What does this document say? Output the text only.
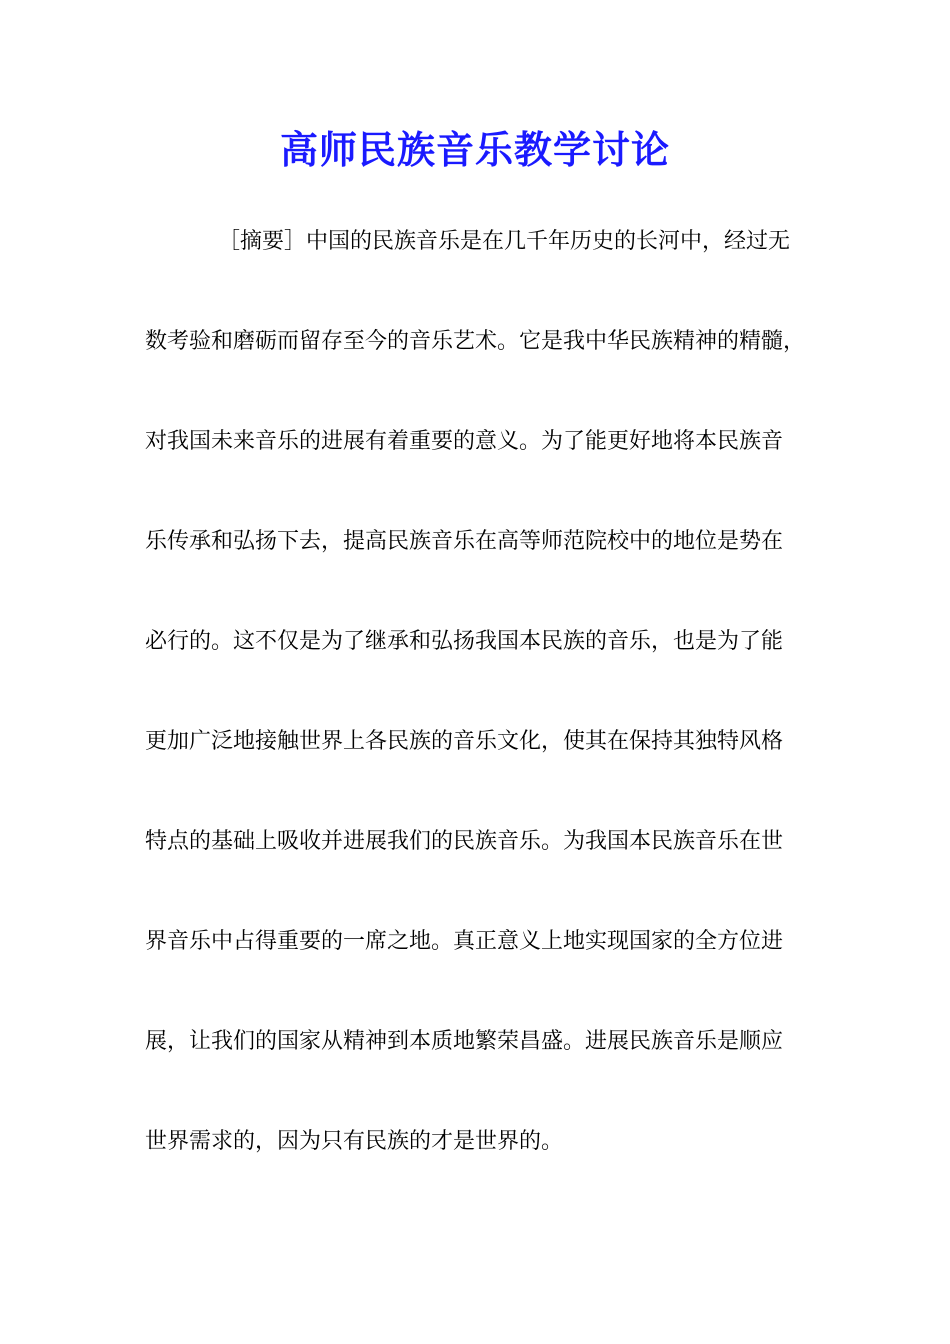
高师民族音乐教学讨论
［摘要］中国的民族音乐是在几千年历史的长河中，经过无
数考验和磨砺而留存至今的音乐艺术。它是我中华民族精神的精髓，
对我国未来音乐的进展有着重要的意义。为了能更好地将本民族音
乐传承和弘扬下去，提高民族音乐在高等师范院校中的地位是势在
必行的。这不仅是为了继承和弘扬我国本民族的音乐，也是为了能
更加广泛地接触世界上各民族的音乐文化，使其在保持其独特风格
特点的基础上吸收并进展我们的民族音乐。为我国本民族音乐在世
界音乐中占得重要的一席之地。真正意义上地实现国家的全方位进
展，让我们的国家从精神到本质地繁荣昌盛。进展民族音乐是顺应
世界需求的，因为只有民族的才是世界的。
